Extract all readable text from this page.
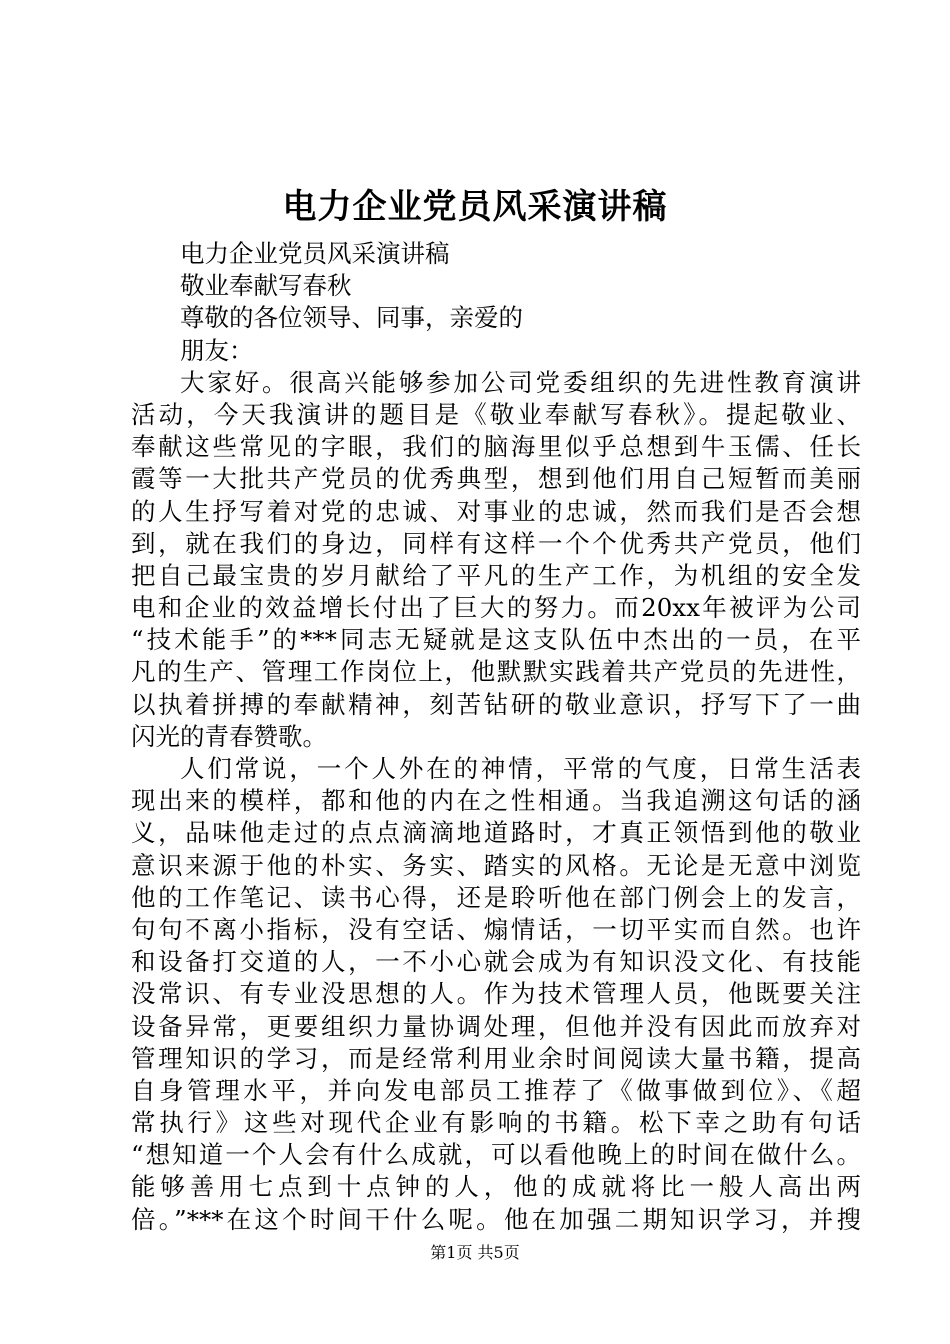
电力企业党员风采演讲稿
电力企业党员风采演讲稿
敬业奉献写春秋
尊敬的各位领导、同事，亲爱的
朋友：
大家好。很高兴能够参加公司党委组织的先进性教育演讲
活动，今天我演讲的题目是《敬业奉献写春秋》。提起敬业、
奉献这些常见的字眼，我们的脑海里似乎总想到牛玉儒、任长
霞等一大批共产党员的优秀典型，想到他们用自己短暂而美丽
的人生抒写着对党的忠诚、对事业的忠诚，然而我们是否会想
到，就在我们的身边，同样有这样一个个优秀共产党员，他们
把自己最宝贵的岁月献给了平凡的生产工作，为机组的安全发
电和企业的效益增长付出了巨大的努力。而20xx年被评为公司
“技术能手”的***同志无疑就是这支队伍中杰出的一员，在平
凡的生产、管理工作岗位上，他默默实践着共产党员的先进性，
以执着拼搏的奉献精神，刻苦钻研的敬业意识，抒写下了一曲
闪光的青春赞歌。
人们常说，一个人外在的神情，平常的气度，日常生活表
现出来的模样，都和他的内在之性相通。当我追溯这句话的涵
义，品味他走过的点点滴滴地道路时，才真正领悟到他的敬业
意识来源于他的朴实、务实、踏实的风格。无论是无意中浏览
他的工作笔记、读书心得，还是聆听他在部门例会上的发言，
句句不离小指标，没有空话、煽情话，一切平实而自然。也许
和设备打交道的人，一不小心就会成为有知识没文化、有技能
没常识、有专业没思想的人。作为技术管理人员，他既要关注
设备异常，更要组织力量协调处理，但他并没有因此而放弃对
管理知识的学习，而是经常利用业余时间阅读大量书籍，提高
自身管理水平，并向发电部员工推荐了《做事做到位》、《超
常执行》这些对现代企业有影响的书籍。松下幸之助有句话
“想知道一个人会有什么成就，可以看他晚上的时间在做什么。
能够善用七点到十点钟的人，他的成就将比一般人高出两
倍。”***在这个时间干什么呢。他在加强二期知识学习，并搜
第1页 共5页
